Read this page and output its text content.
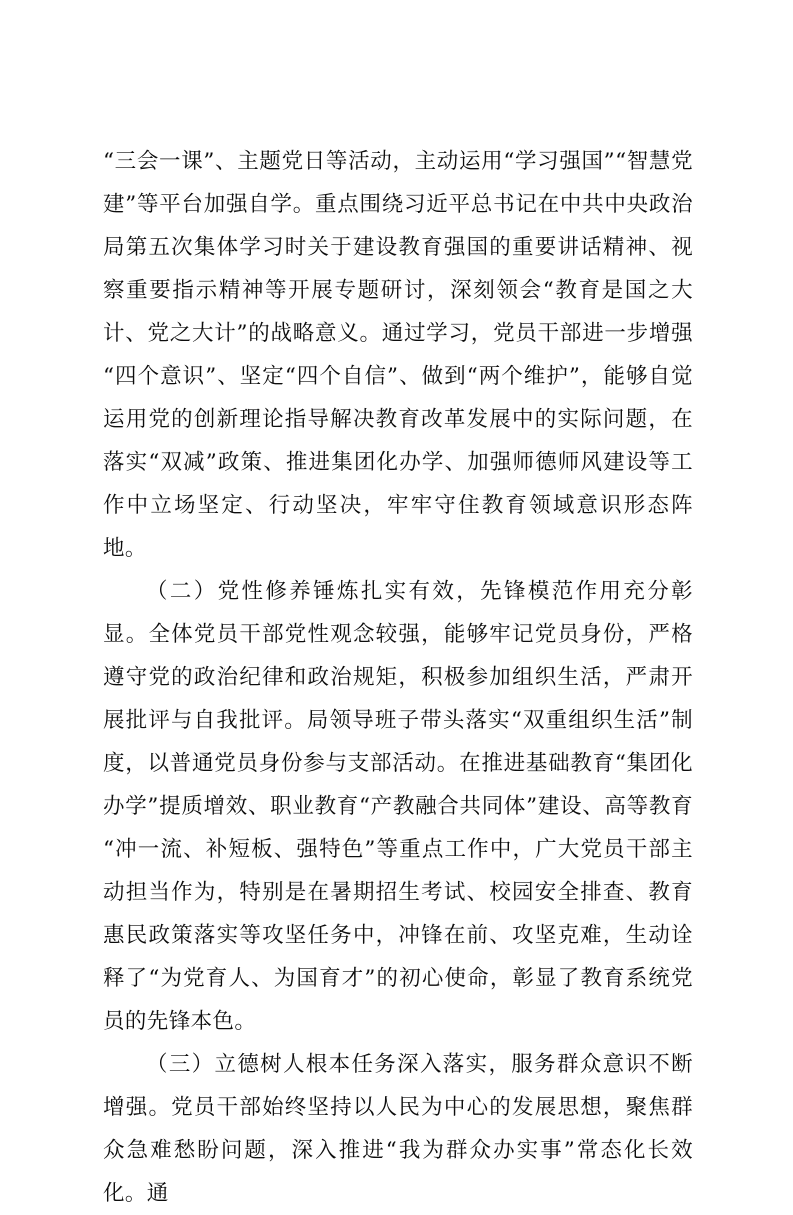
“三会一课”、主题党日等活动，主动运用“学习强国”“智慧党建”等平台加强自学。重点围绕习近平总书记在中共中央政治局第五次集体学习时关于建设教育强国的重要讲话精神、视察重要指示精神等开展专题研讨，深刻领会“教育是国之大计、党之大计”的战略意义。通过学习，党员干部进一步增强“四个意识”、坚定“四个自信”、做到“两个维护”，能够自觉运用党的创新理论指导解决教育改革发展中的实际问题，在落实“双减”政策、推进集团化办学、加强师德师风建设等工作中立场坚定、行动坚决，牢牢守住教育领域意识形态阵地。

（二）党性修养锤炼扎实有效，先锋模范作用充分彰显。全体党员干部党性观念较强，能够牢记党员身份，严格遵守党的政治纪律和政治规矩，积极参加组织生活，严肃开展批评与自我批评。局领导班子带头落实“双重组织生活”制度，以普通党员身份参与支部活动。在推进基础教育“集团化办学”提质增效、职业教育“产教融合共同体”建设、高等教育“冲一流、补短板、强特色”等重点工作中，广大党员干部主动担当作为，特别是在暑期招生考试、校园安全排查、教育惠民政策落实等攻坚任务中，冲锋在前、攻坚克难，生动诠释了“为党育人、为国育才”的初心使命，彰显了教育系统党员的先锋本色。

（三）立德树人根本任务深入落实，服务群众意识不断增强。党员干部始终坚持以人民为中心的发展思想，聚焦群众急难愁盼问题，深入推进“我为群众办实事”常态化长效化。通
